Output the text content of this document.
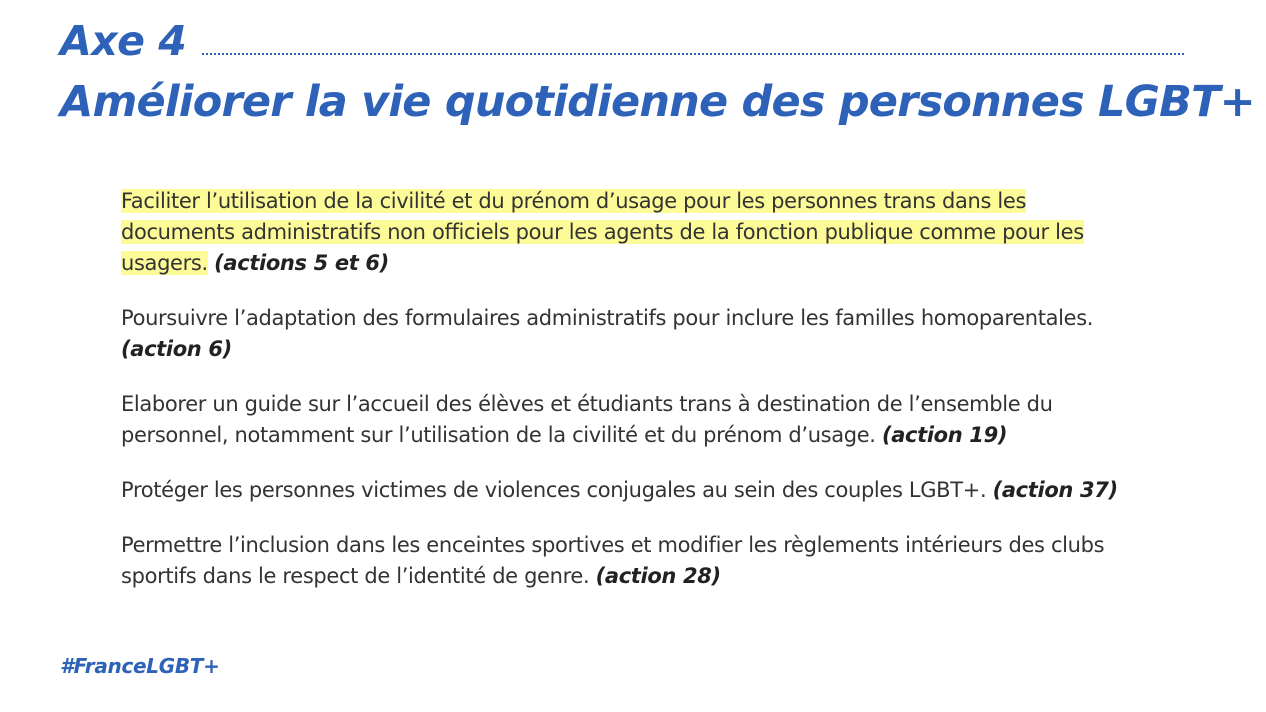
Axe 4
Améliorer la vie quotidienne des personnes LGBT+

Faciliter l’utilisation de la civilité et du prénom d’usage pour les personnes trans dans les documents administratifs non officiels pour les agents de la fonction publique comme pour les usagers. (actions 5 et 6)

Poursuivre l’adaptation des formulaires administratifs pour inclure les familles homoparentales. (action 6)

Elaborer un guide sur l’accueil des élèves et étudiants trans à destination de l’ensemble du personnel, notamment sur l’utilisation de la civilité et du prénom d’usage. (action 19)

Protéger les personnes victimes de violences conjugales au sein des couples LGBT+. (action 37)

Permettre l’inclusion dans les enceintes sportives et modifier les règlements intérieurs des clubs sportifs dans le respect de l’identité de genre. (action 28)

#FranceLGBT+
